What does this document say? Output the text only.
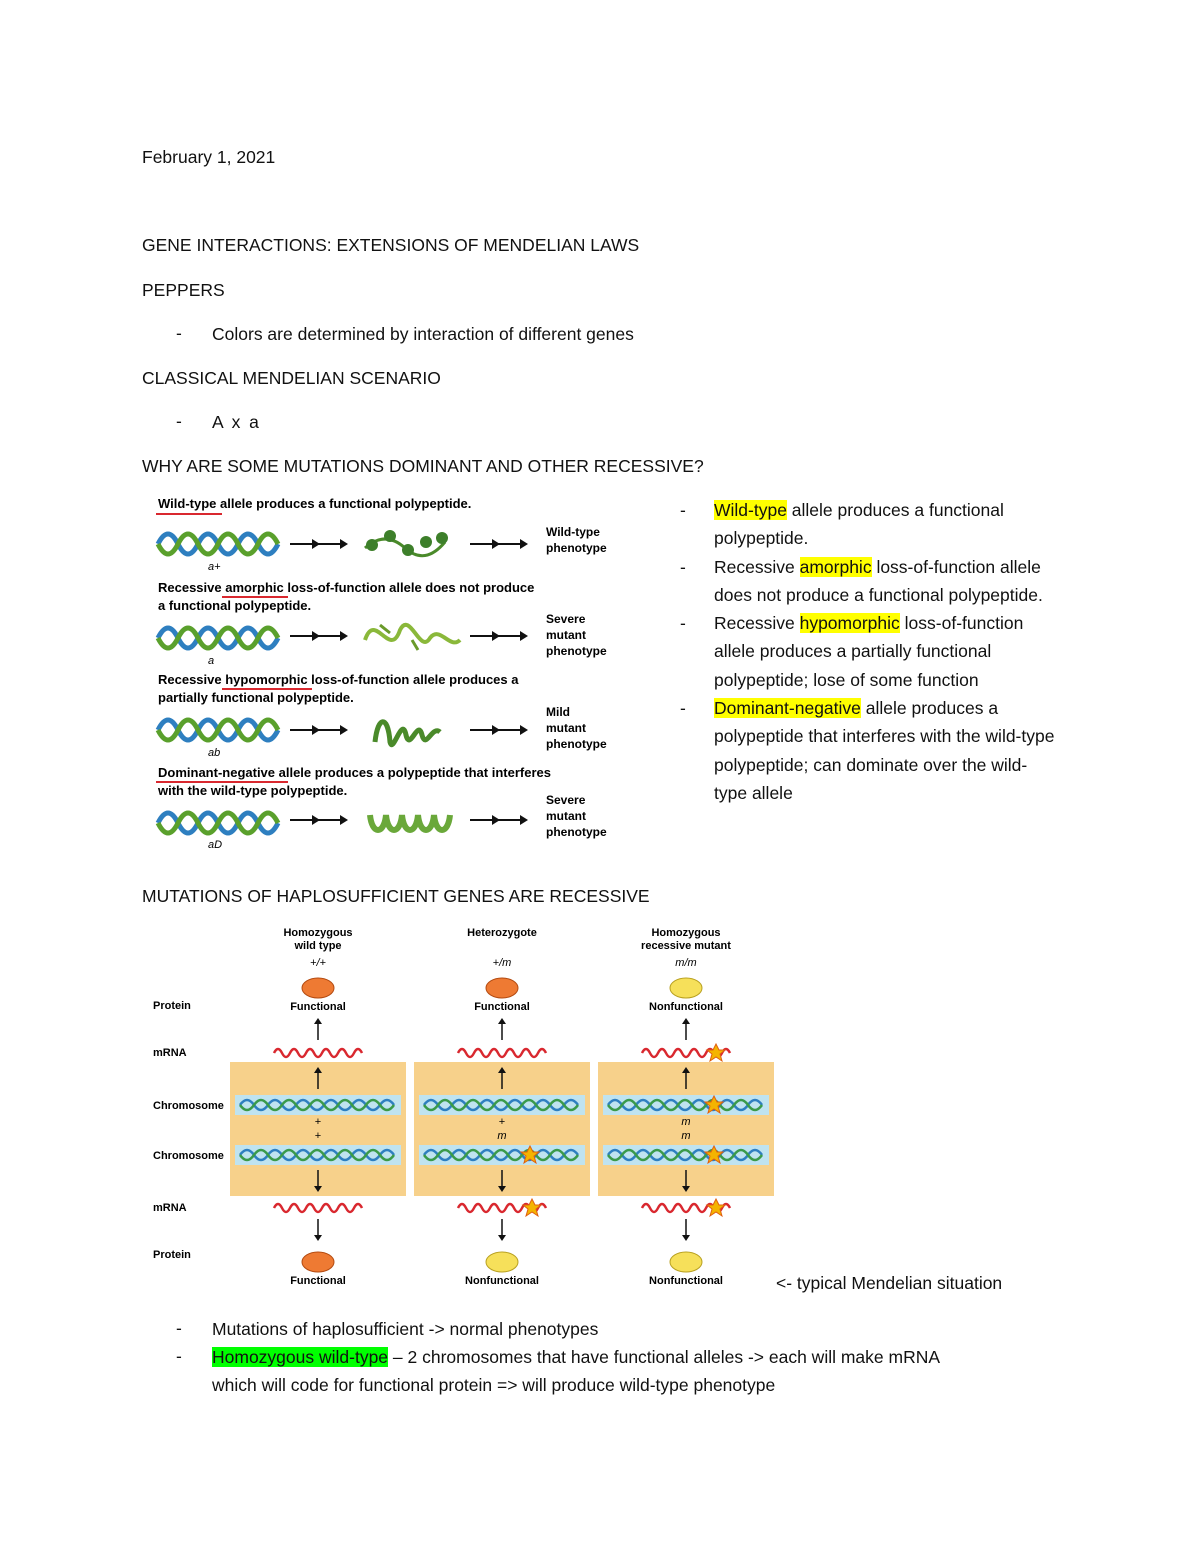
February 1, 2021
GENE INTERACTIONS: EXTENSIONS OF MENDELIAN LAWS
PEPPERS
- Colors are determined by interaction of different genes
CLASSICAL MENDELIAN SCENARIO
- A x a
WHY ARE SOME MUTATIONS DOMINANT AND OTHER RECESSIVE?
Wild-type allele produces a functional polypeptide.
a+
Wild-type
phenotype
Recessive amorphic loss-of-function allele does not produce
a functional polypeptide.
a
Severe
mutant
phenotype
Recessive hypomorphic loss-of-function allele produces a
partially functional polypeptide.
ab
Mild
mutant
phenotype
Dominant-negative allele produces a polypeptide that interferes
with the wild-type polypeptide.
aD
Severe
mutant
phenotype
- Wild-type allele produces a functional polypeptide.
- Recessive amorphic loss-of-function allele does not produce a functional polypeptide.
- Recessive hypomorphic loss-of-function allele produces a partially functional polypeptide; lose of some function
- Dominant-negative allele produces a polypeptide that interferes with the wild-type polypeptide; can dominate over the wild-type allele
MUTATIONS OF HAPLOSUFFICIENT GENES ARE RECESSIVE
Protein
mRNA
Chromosome
Chromosome
mRNA
Protein
Homozygous
wild type
+/+
Functional
+
+
Functional
Heterozygote
+/m
Functional
+
m
Nonfunctional
Homozygous
recessive mutant
m/m
Nonfunctional
m
m
Nonfunctional	<- typical Mendelian situation
- Mutations of haplosufficient -> normal phenotypes
- Homozygous wild-type – 2 chromosomes that have functional alleles -> each will make mRNA
which will code for functional protein => will produce wild-type phenotype
